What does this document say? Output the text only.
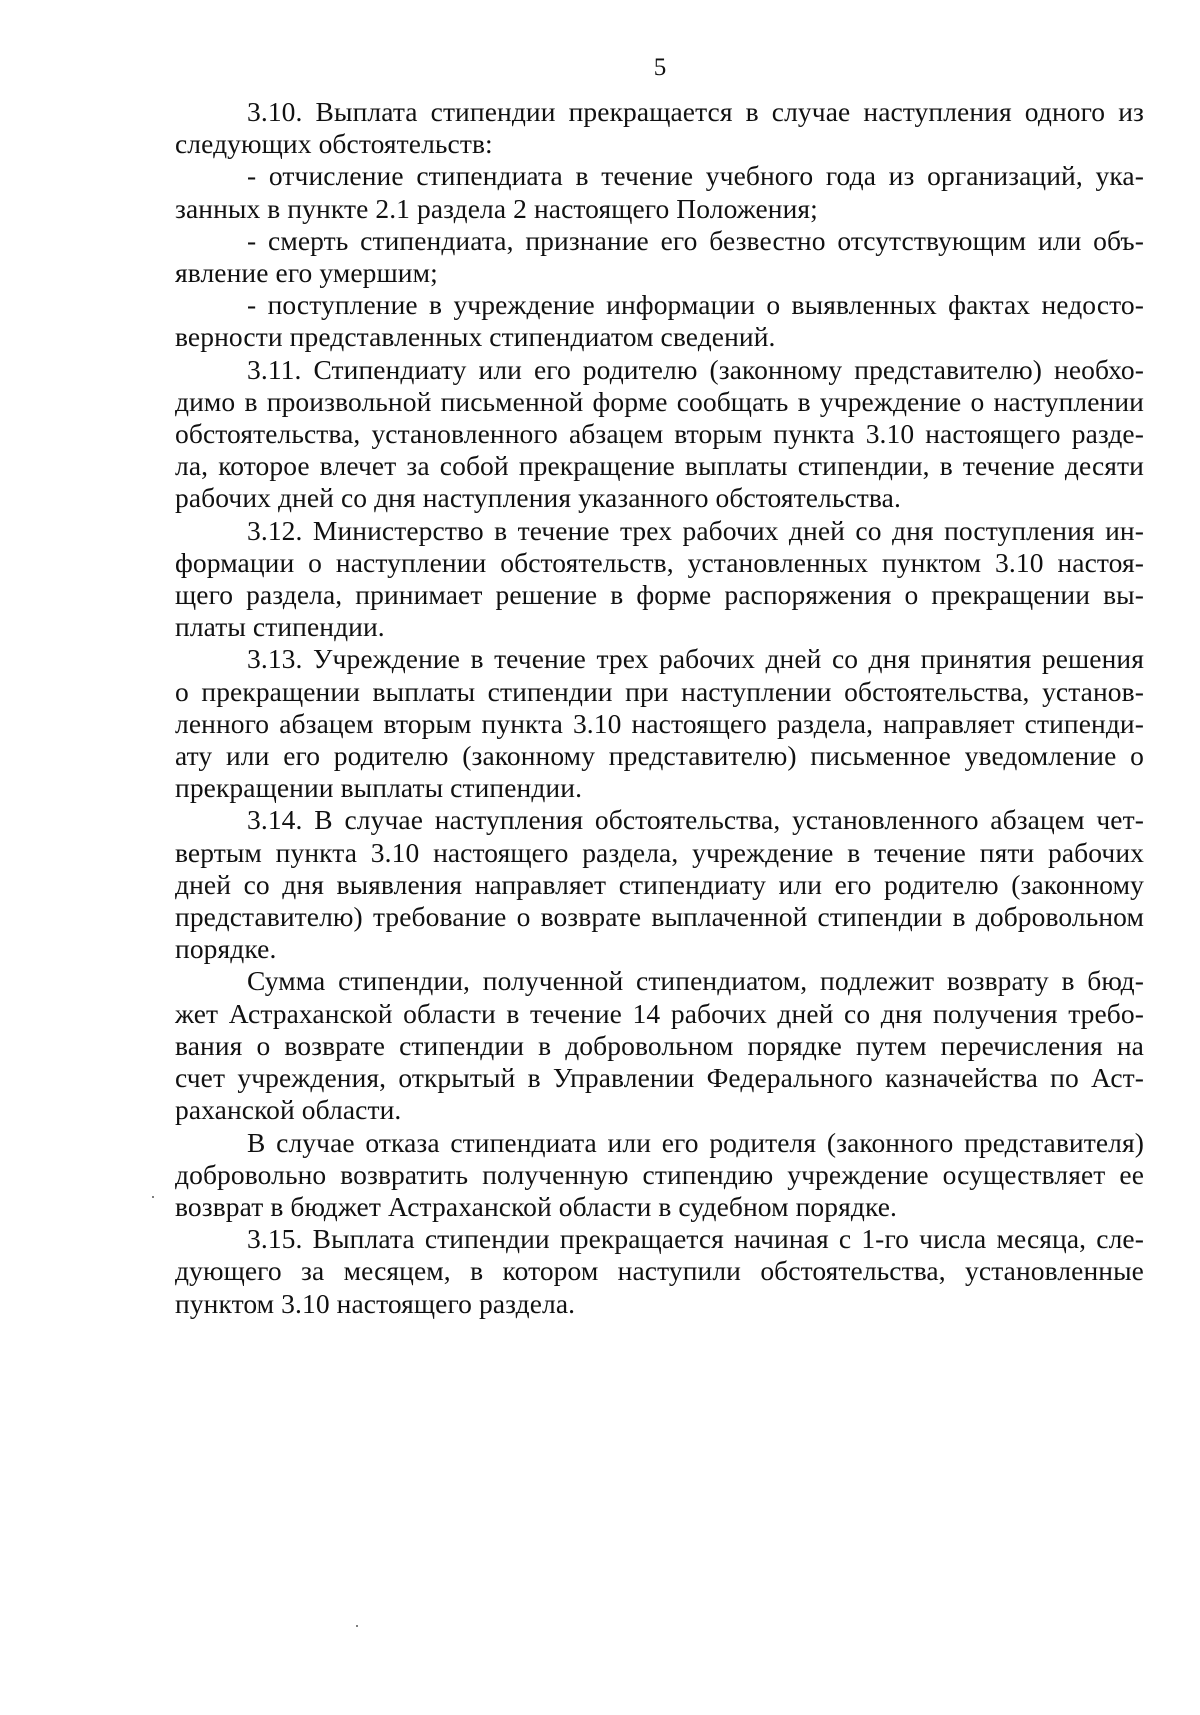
5

3.10. Выплата стипендии прекращается в случае наступления одного из
следующих обстоятельств:

- отчисление стипендиата в течение учебного года из организаций, ука-
занных в пункте 2.1 раздела 2 настоящего Положения;

- смерть стипендиата, признание его безвестно отсутствующим или объ-
явление его умершим;

- поступление в учреждение информации о выявленных фактах недосто-
верности представленных стипендиатом сведений.

3.11. Стипендиату или его родителю (законному представителю) необхо-
димо в произвольной письменной форме сообщать в учреждение о наступлении
обстоятельства, установленного абзацем вторым пункта 3.10 настоящего разде-
ла, которое влечет за собой прекращение выплаты стипендии, в течение десяти
рабочих дней со дня наступления указанного обстоятельства.

3.12. Министерство в течение трех рабочих дней со дня поступления ин-
формации о наступлении обстоятельств, установленных пунктом 3.10 настоя-
щего раздела, принимает решение в форме распоряжения о прекращении вы-
платы стипендии.

3.13. Учреждение в течение трех рабочих дней со дня принятия решения
о прекращении выплаты стипендии при наступлении обстоятельства, установ-
ленного абзацем вторым пункта 3.10 настоящего раздела, направляет стипенди-
ату или его родителю (законному представителю) письменное уведомление о
прекращении выплаты стипендии.

3.14. В случае наступления обстоятельства, установленного абзацем чет-
вертым пункта 3.10 настоящего раздела, учреждение в течение пяти рабочих
дней со дня выявления направляет стипендиату или его родителю (законному
представителю) требование о возврате выплаченной стипендии в добровольном
порядке.

Сумма стипендии, полученной стипендиатом, подлежит возврату в бюд-
жет Астраханской области в течение 14 рабочих дней со дня получения требо-
вания о возврате стипендии в добровольном порядке путем перечисления на
счет учреждения, открытый в Управлении Федерального казначейства по Аст-
раханской области.

В случае отказа стипендиата или его родителя (законного представителя)
добровольно возвратить полученную стипендию учреждение осуществляет ее
возврат в бюджет Астраханской области в судебном порядке.

3.15. Выплата стипендии прекращается начиная с 1-го числа месяца, сле-
дующего за месяцем, в котором наступили обстоятельства, установленные
пунктом 3.10 настоящего раздела.
